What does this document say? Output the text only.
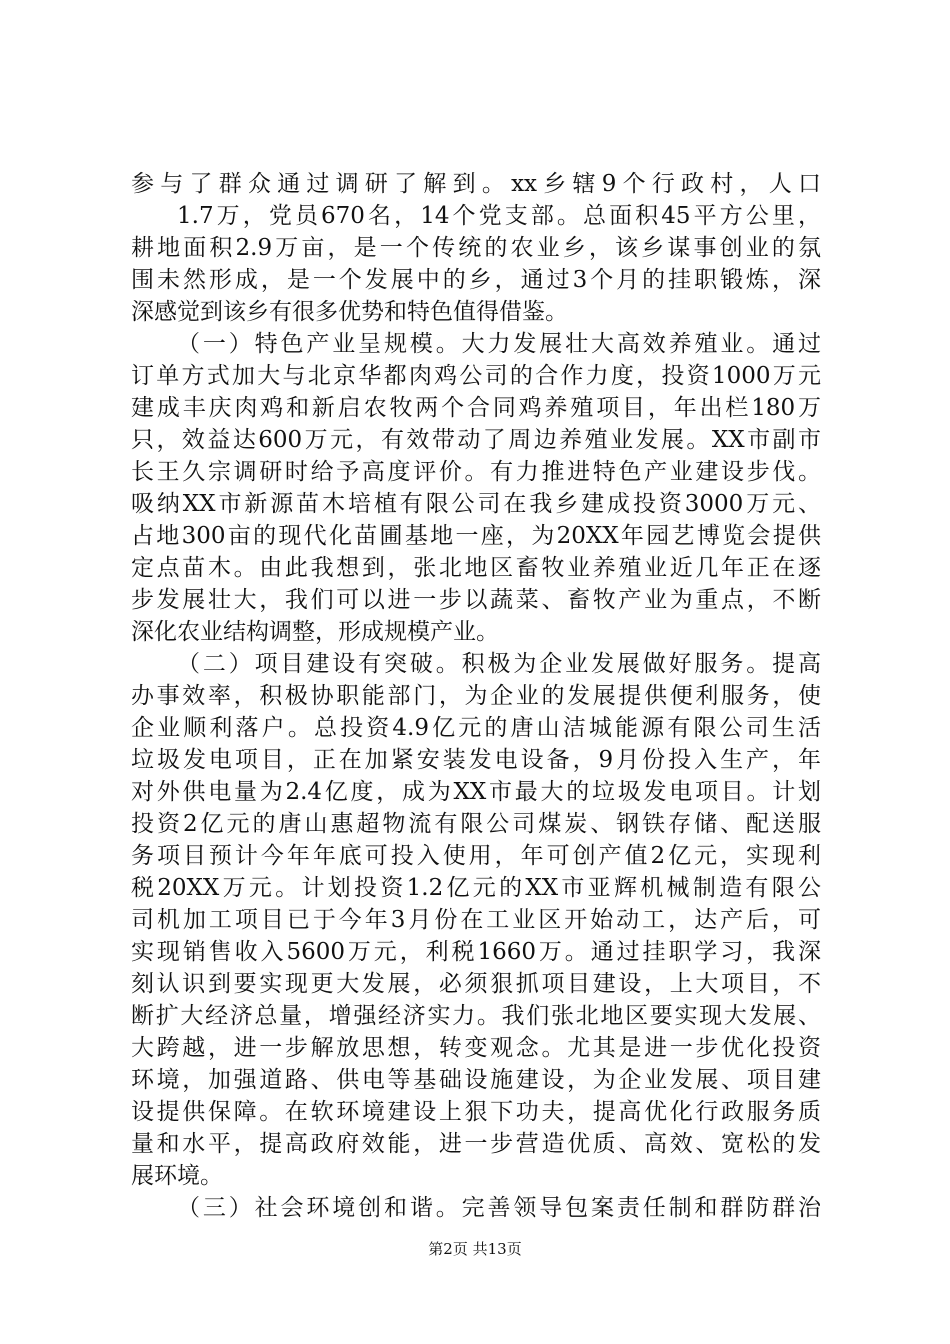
参与了群众通过调研了解到。xx乡辖9个行政村，人口
1.7万，党员670名，14个党支部。总面积45平方公里，
耕地面积2.9万亩，是一个传统的农业乡，该乡谋事创业的氛
围未然形成，是一个发展中的乡，通过3个月的挂职锻炼，深
深感觉到该乡有很多优势和特色值得借鉴。
（一）特色产业呈规模。大力发展壮大高效养殖业。通过
订单方式加大与北京华都肉鸡公司的合作力度，投资1000万元
建成丰庆肉鸡和新启农牧两个合同鸡养殖项目，年出栏180万
只，效益达600万元，有效带动了周边养殖业发展。XX市副市
长王久宗调研时给予高度评价。有力推进特色产业建设步伐。
吸纳XX市新源苗木培植有限公司在我乡建成投资3000万元、
占地300亩的现代化苗圃基地一座，为20XX年园艺博览会提供
定点苗木。由此我想到，张北地区畜牧业养殖业近几年正在逐
步发展壮大，我们可以进一步以蔬菜、畜牧产业为重点，不断
深化农业结构调整，形成规模产业。
（二）项目建设有突破。积极为企业发展做好服务。提高
办事效率，积极协职能部门，为企业的发展提供便利服务，使
企业顺利落户。总投资4.9亿元的唐山洁城能源有限公司生活
垃圾发电项目，正在加紧安装发电设备，9月份投入生产，年
对外供电量为2.4亿度，成为XX市最大的垃圾发电项目。计划
投资2亿元的唐山惠超物流有限公司煤炭、钢铁存储、配送服
务项目预计今年年底可投入使用，年可创产值2亿元，实现利
税20XX万元。计划投资1.2亿元的XX市亚辉机械制造有限公
司机加工项目已于今年3月份在工业区开始动工，达产后，可
实现销售收入5600万元，利税1660万。通过挂职学习，我深
刻认识到要实现更大发展，必须狠抓项目建设，上大项目，不
断扩大经济总量，增强经济实力。我们张北地区要实现大发展、
大跨越，进一步解放思想，转变观念。尤其是进一步优化投资
环境，加强道路、供电等基础设施建设，为企业发展、项目建
设提供保障。在软环境建设上狠下功夫，提高优化行政服务质
量和水平，提高政府效能，进一步营造优质、高效、宽松的发
展环境。
（三）社会环境创和谐。完善领导包案责任制和群防群治
第2页 共13页
